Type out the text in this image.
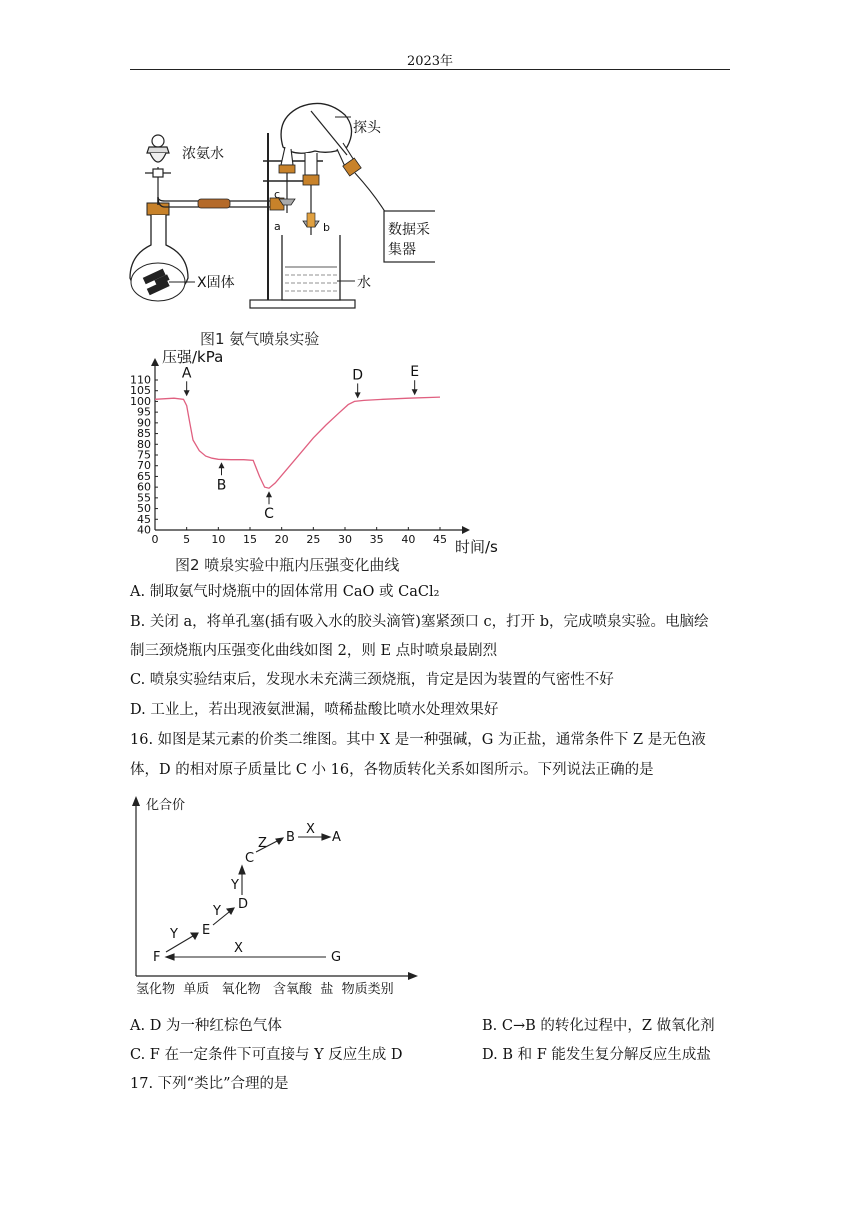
2023年
浓氨水
X固体
探头
数据采
集器
c
a	b
水
图1 氨气喷泉实验
压强/kPa
时间/s
0 5 10 15 20 25 30 35 40 45
40
45
50
55
60
65
70
75
80
85
90
95
100
105
110 A
B
C
D	E
图2 喷泉实验中瓶内压强变化曲线
A. 制取氨气时烧瓶中的固体常用 CaO 或 CaCl₂
B. 关闭 a，将单孔塞(插有吸入水的胶头滴管)塞紧颈口 c，打开 b，完成喷泉实验。电脑绘
制三颈烧瓶内压强变化曲线如图 2，则 E 点时喷泉最剧烈
C. 喷泉实验结束后，发现水未充满三颈烧瓶，肯定是因为装置的气密性不好
D. 工业上，若出现液氨泄漏，喷稀盐酸比喷水处理效果好
16. 如图是某元素的价类二维图。其中 X 是一种强碱，G 为正盐，通常条件下 Z 是无色液
体，D 的相对原子质量比 C 小 16，各物质转化关系如图所示。下列说法正确的是
化合价
氢化物  单质   氧化物   含氧酸  盐  物质类别
F
E
D
C
B	A
G
Y
Y
Y
Z
X
X
A. D 为一种红棕色气体	B. C→B 的转化过程中，Z 做氧化剂
C. F 在一定条件下可直接与 Y 反应生成 D	D. B 和 F 能发生复分解反应生成盐
17. 下列“类比”合理的是
